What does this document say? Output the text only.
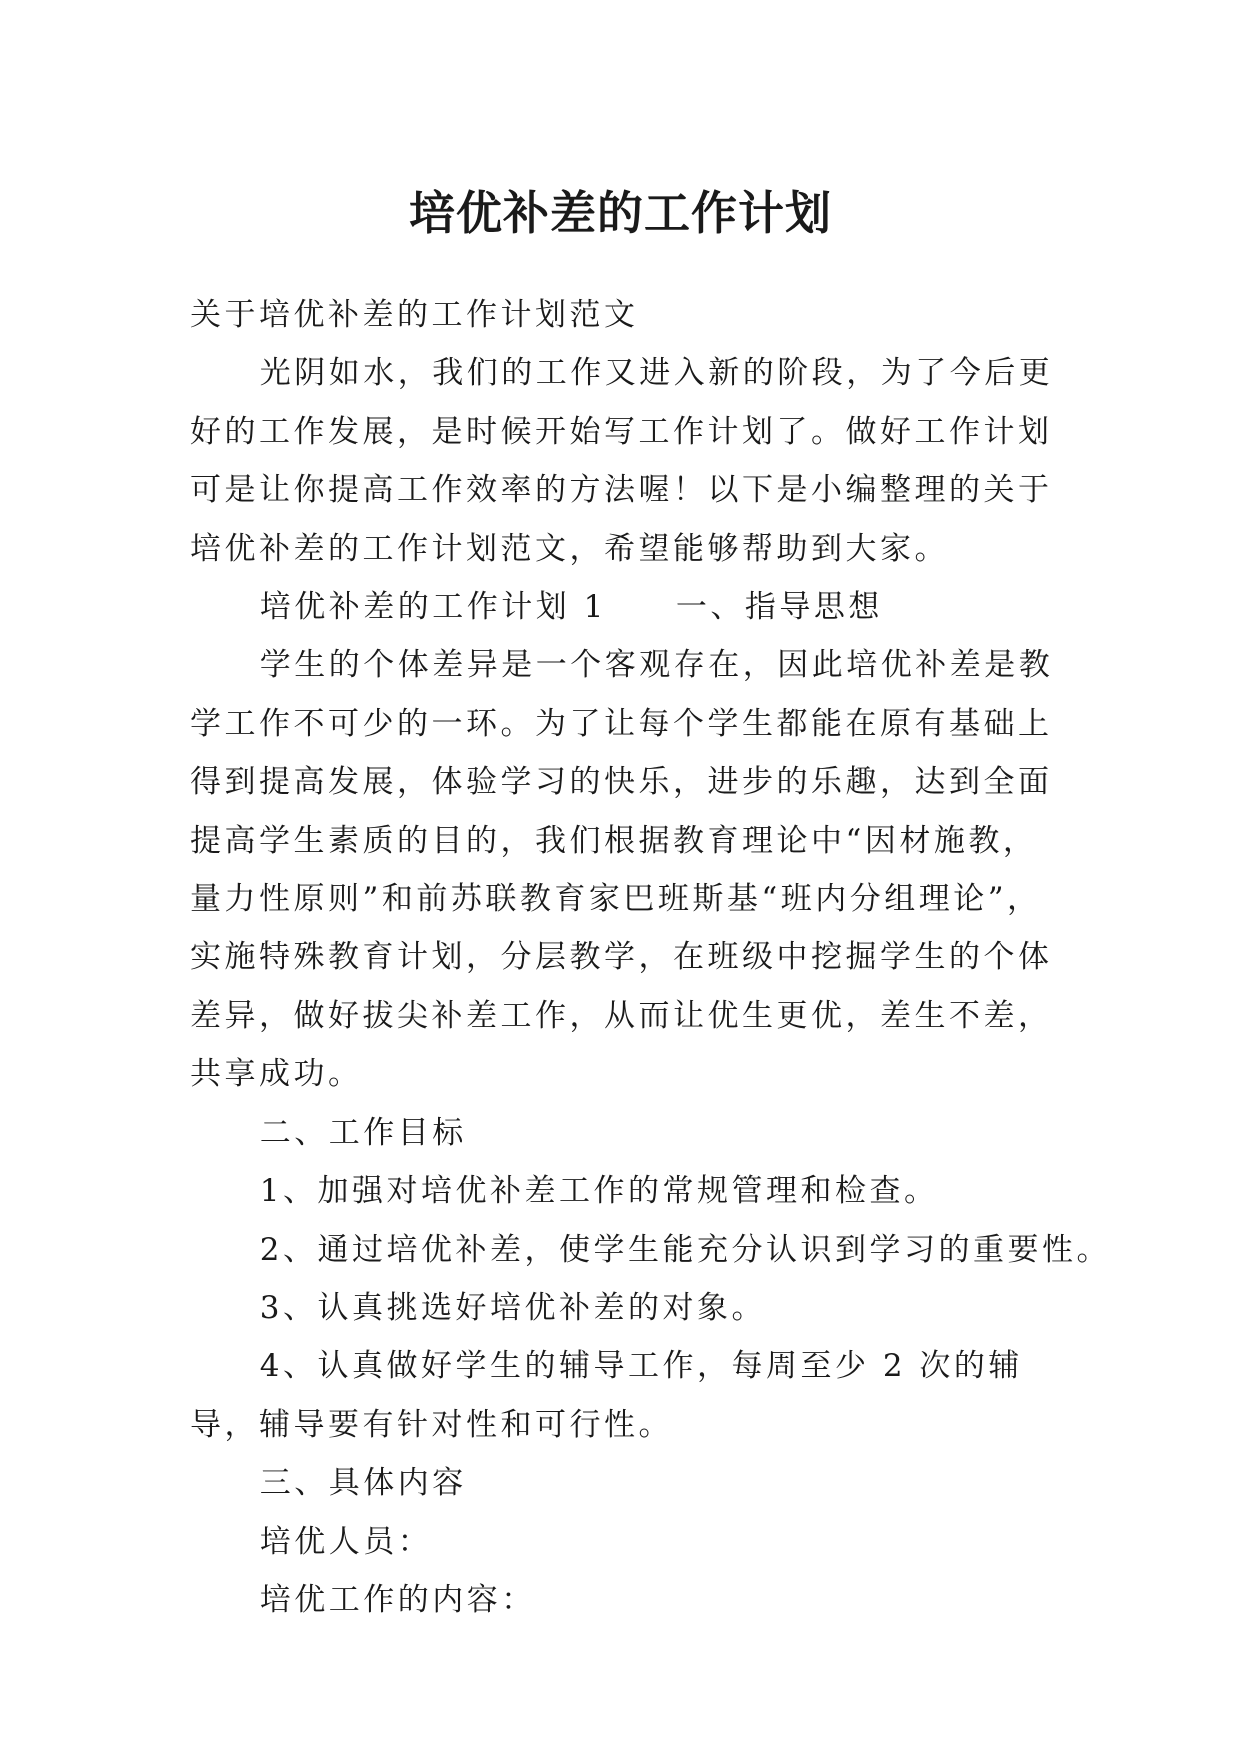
培优补差的工作计划

关于培优补差的工作计划范文

光阴如水，我们的工作又进入新的阶段，为了今后更好的工作发展，是时候开始写工作计划了。做好工作计划可是让你提高工作效率的方法喔！以下是小编整理的关于培优补差的工作计划范文，希望能够帮助到大家。

培优补差的工作计划 1　　一、指导思想

学生的个体差异是一个客观存在，因此培优补差是教学工作不可少的一环。为了让每个学生都能在原有基础上得到提高发展，体验学习的快乐，进步的乐趣，达到全面提高学生素质的目的，我们根据教育理论中“因材施教，量力性原则”和前苏联教育家巴班斯基“班内分组理论”，实施特殊教育计划，分层教学，在班级中挖掘学生的个体差异，做好拔尖补差工作，从而让优生更优，差生不差，共享成功。

二、工作目标

1、加强对培优补差工作的常规管理和检查。

2、通过培优补差，使学生能充分认识到学习的重要性。

3、认真挑选好培优补差的对象。

4、认真做好学生的辅导工作，每周至少 2 次的辅导，辅导要有针对性和可行性。

三、具体内容

培优人员：

培优工作的内容：
